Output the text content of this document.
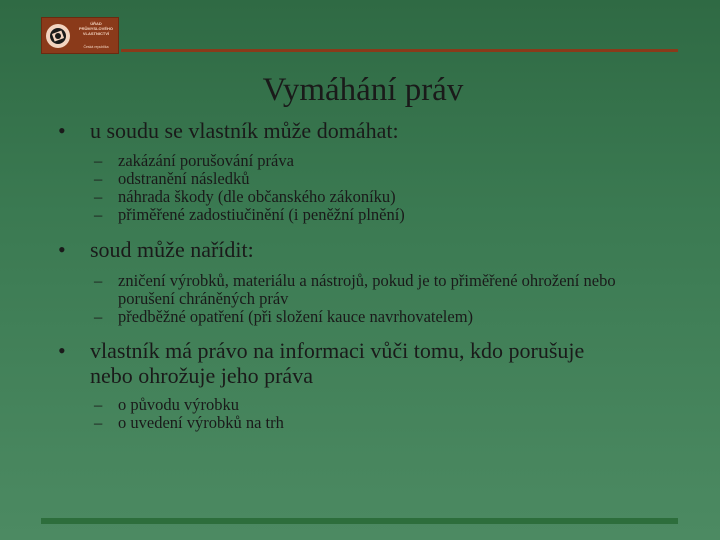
ÚŘAD
PRŮMYSLOVÉHO
VLASTNICTVÍ
Česká republika
Vymáhání práv

•	u soudu se vlastník může domáhat:

– zakázání porušování práva

– odstranění následků

– náhrada škody (dle občanského zákoníku)

– přiměřené zadostiučinění (i peněžní plnění)

•	soud může nařídit:

– zničení výrobků, materiálu a nástrojů, pokud je to přiměřené ohrožení nebo porušení chráněných práv

– předběžné opatření (při složení kauce navrhovatelem)

•	vlastník má právo na informaci vůči tomu, kdo porušuje nebo ohrožuje jeho práva

– o původu výrobku

– o uvedení výrobků na trh
